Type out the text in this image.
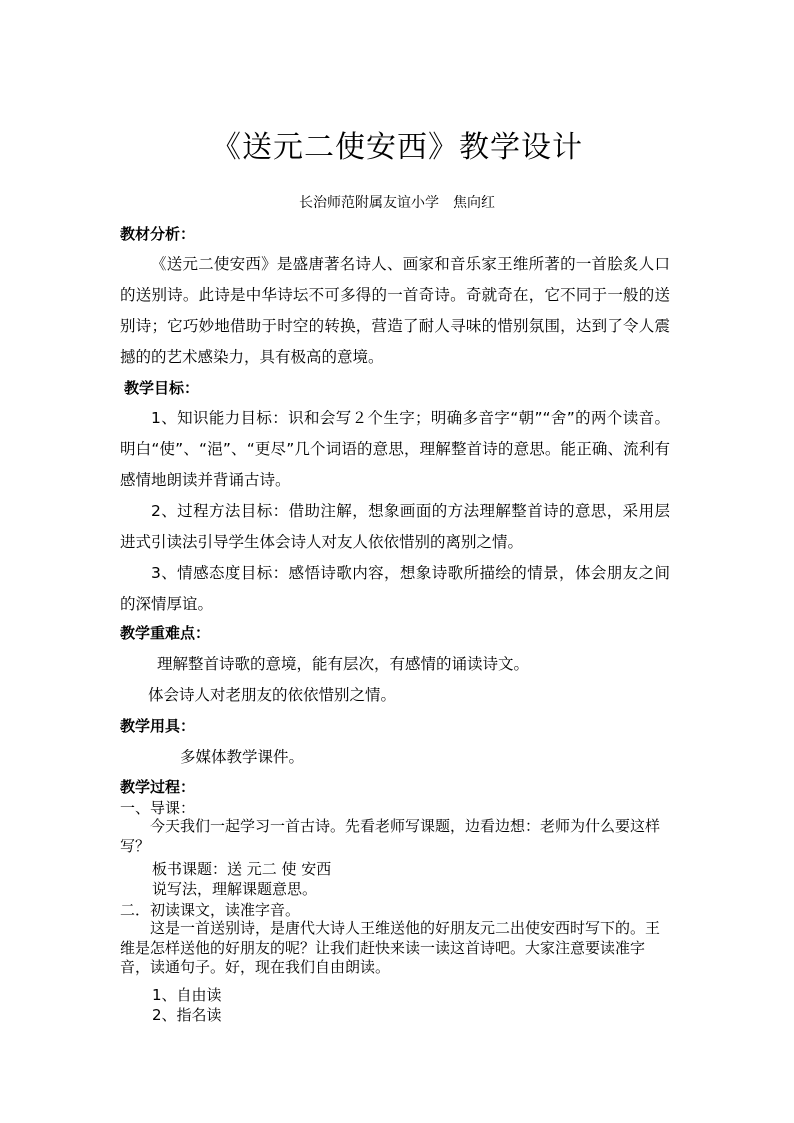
《送元二使安西》教学设计
长治师范附属友谊小学　焦向红
教材分析：

《送元二使安西》是盛唐著名诗人、画家和音乐家王维所著的一首脍炙人口的送别诗。此诗是中华诗坛不可多得的一首奇诗。奇就奇在，它不同于一般的送别诗；它巧妙地借助于时空的转换，营造了耐人寻味的惜别氛围，达到了令人震撼的的艺术感染力，具有极高的意境。

教学目标：

1、知识能力目标：识和会写２个生字；明确多音字“朝”“舍”的两个读音。明白“使”、“浥”、“更尽”几个词语的意思，理解整首诗的意思。能正确、流利有感情地朗读并背诵古诗。

2、过程方法目标：借助注解，想象画面的方法理解整首诗的意思，采用层进式引读法引导学生体会诗人对友人依依惜别的离别之情。

3、情感态度目标：感悟诗歌内容，想象诗歌所描绘的情景，体会朋友之间的深情厚谊。

教学重难点：
理解整首诗歌的意境，能有层次，有感情的诵读诗文。
体会诗人对老朋友的依依惜别之情。
教学用具：
多媒体教学课件。
教学过程：
一、导课：

今天我们一起学习一首古诗。先看老师写课题，边看边想：老师为什么要这样写？

板书课题：送 元二 使 安西
说写法，理解课题意思。
二．初读课文，读准字音。

这是一首送别诗，是唐代大诗人王维送他的好朋友元二出使安西时写下的。王维是怎样送他的好朋友的呢？让我们赶快来读一读这首诗吧。大家注意要读准字音，读通句子。好，现在我们自由朗读。

1、自由读
2、指名读
